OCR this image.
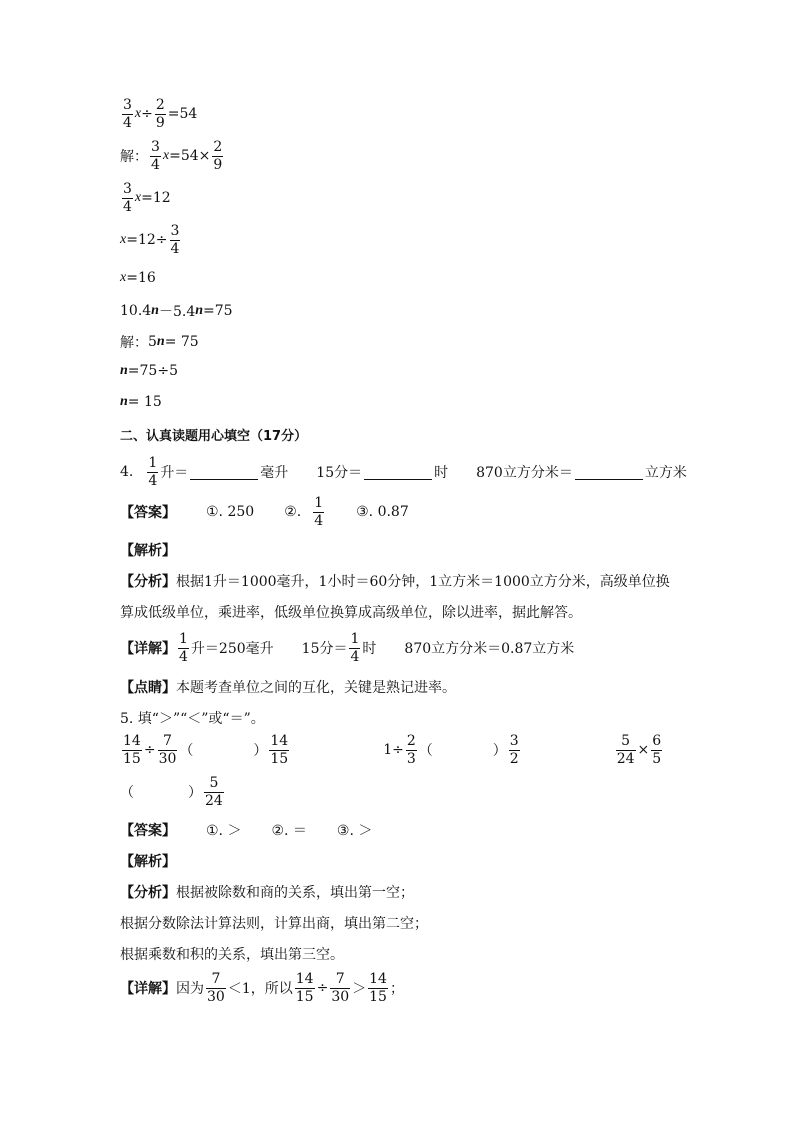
$\frac{3}{4}$ $x \div \frac{2}{9} =54$
解： $\frac{3}{4}$ $x =54\times \frac{2}{9}$
$\frac{3}{4}$ x =12
$x =12\div \frac{3}{4}$
x =16
10.4 n －5.4 n =75
解： 5 n = 75
n =75÷5
n = 15
二、认真读题用心填空（17分）
4. $\frac{1}{4}$ 升＝	毫升 15分＝	时 870立方分米＝	立方米
【答案】 ①. 250 ②. $\frac{1}{4}$ ③. 0.87
【解析】
【分析】 根据1升＝1000毫升，1小时＝60分钟，1立方米＝1000立方分米，高级单位换
算成低级单位，乘进率，低级单位换算成高级单位，除以进率，据此解答。
【详解】 $\frac{1}{4}$ 升＝250毫升 15分＝ $\frac{1}{4}$ 时 870立方分米＝0.87立方米
【点睛】 本题考查单位之间的互化，关键是熟记进率。
5. 填“＞”“＜”或“＝”。
$\frac{14}{15} \div \frac{7}{30}$ （	） $\frac{14}{15}$	$1\div \frac{2}{3}$ （	） $\frac{3}{2}$	$\frac{5}{24} \times \frac{6}{5}$
（	） $\frac{5}{24}$
【答案】 ①. ＞ ②. ＝ ③. ＞
【解析】
【分析】 根据被除数和商的关系，填出第一空；
根据分数除法计算法则，计算出商，填出第二空；
根据乘数和积的关系，填出第三空。
【详解】 因为 $\frac{7}{30} <1$，所以 $\frac{14}{15} \div \frac{7}{30} > \frac{14}{15}$ ；
